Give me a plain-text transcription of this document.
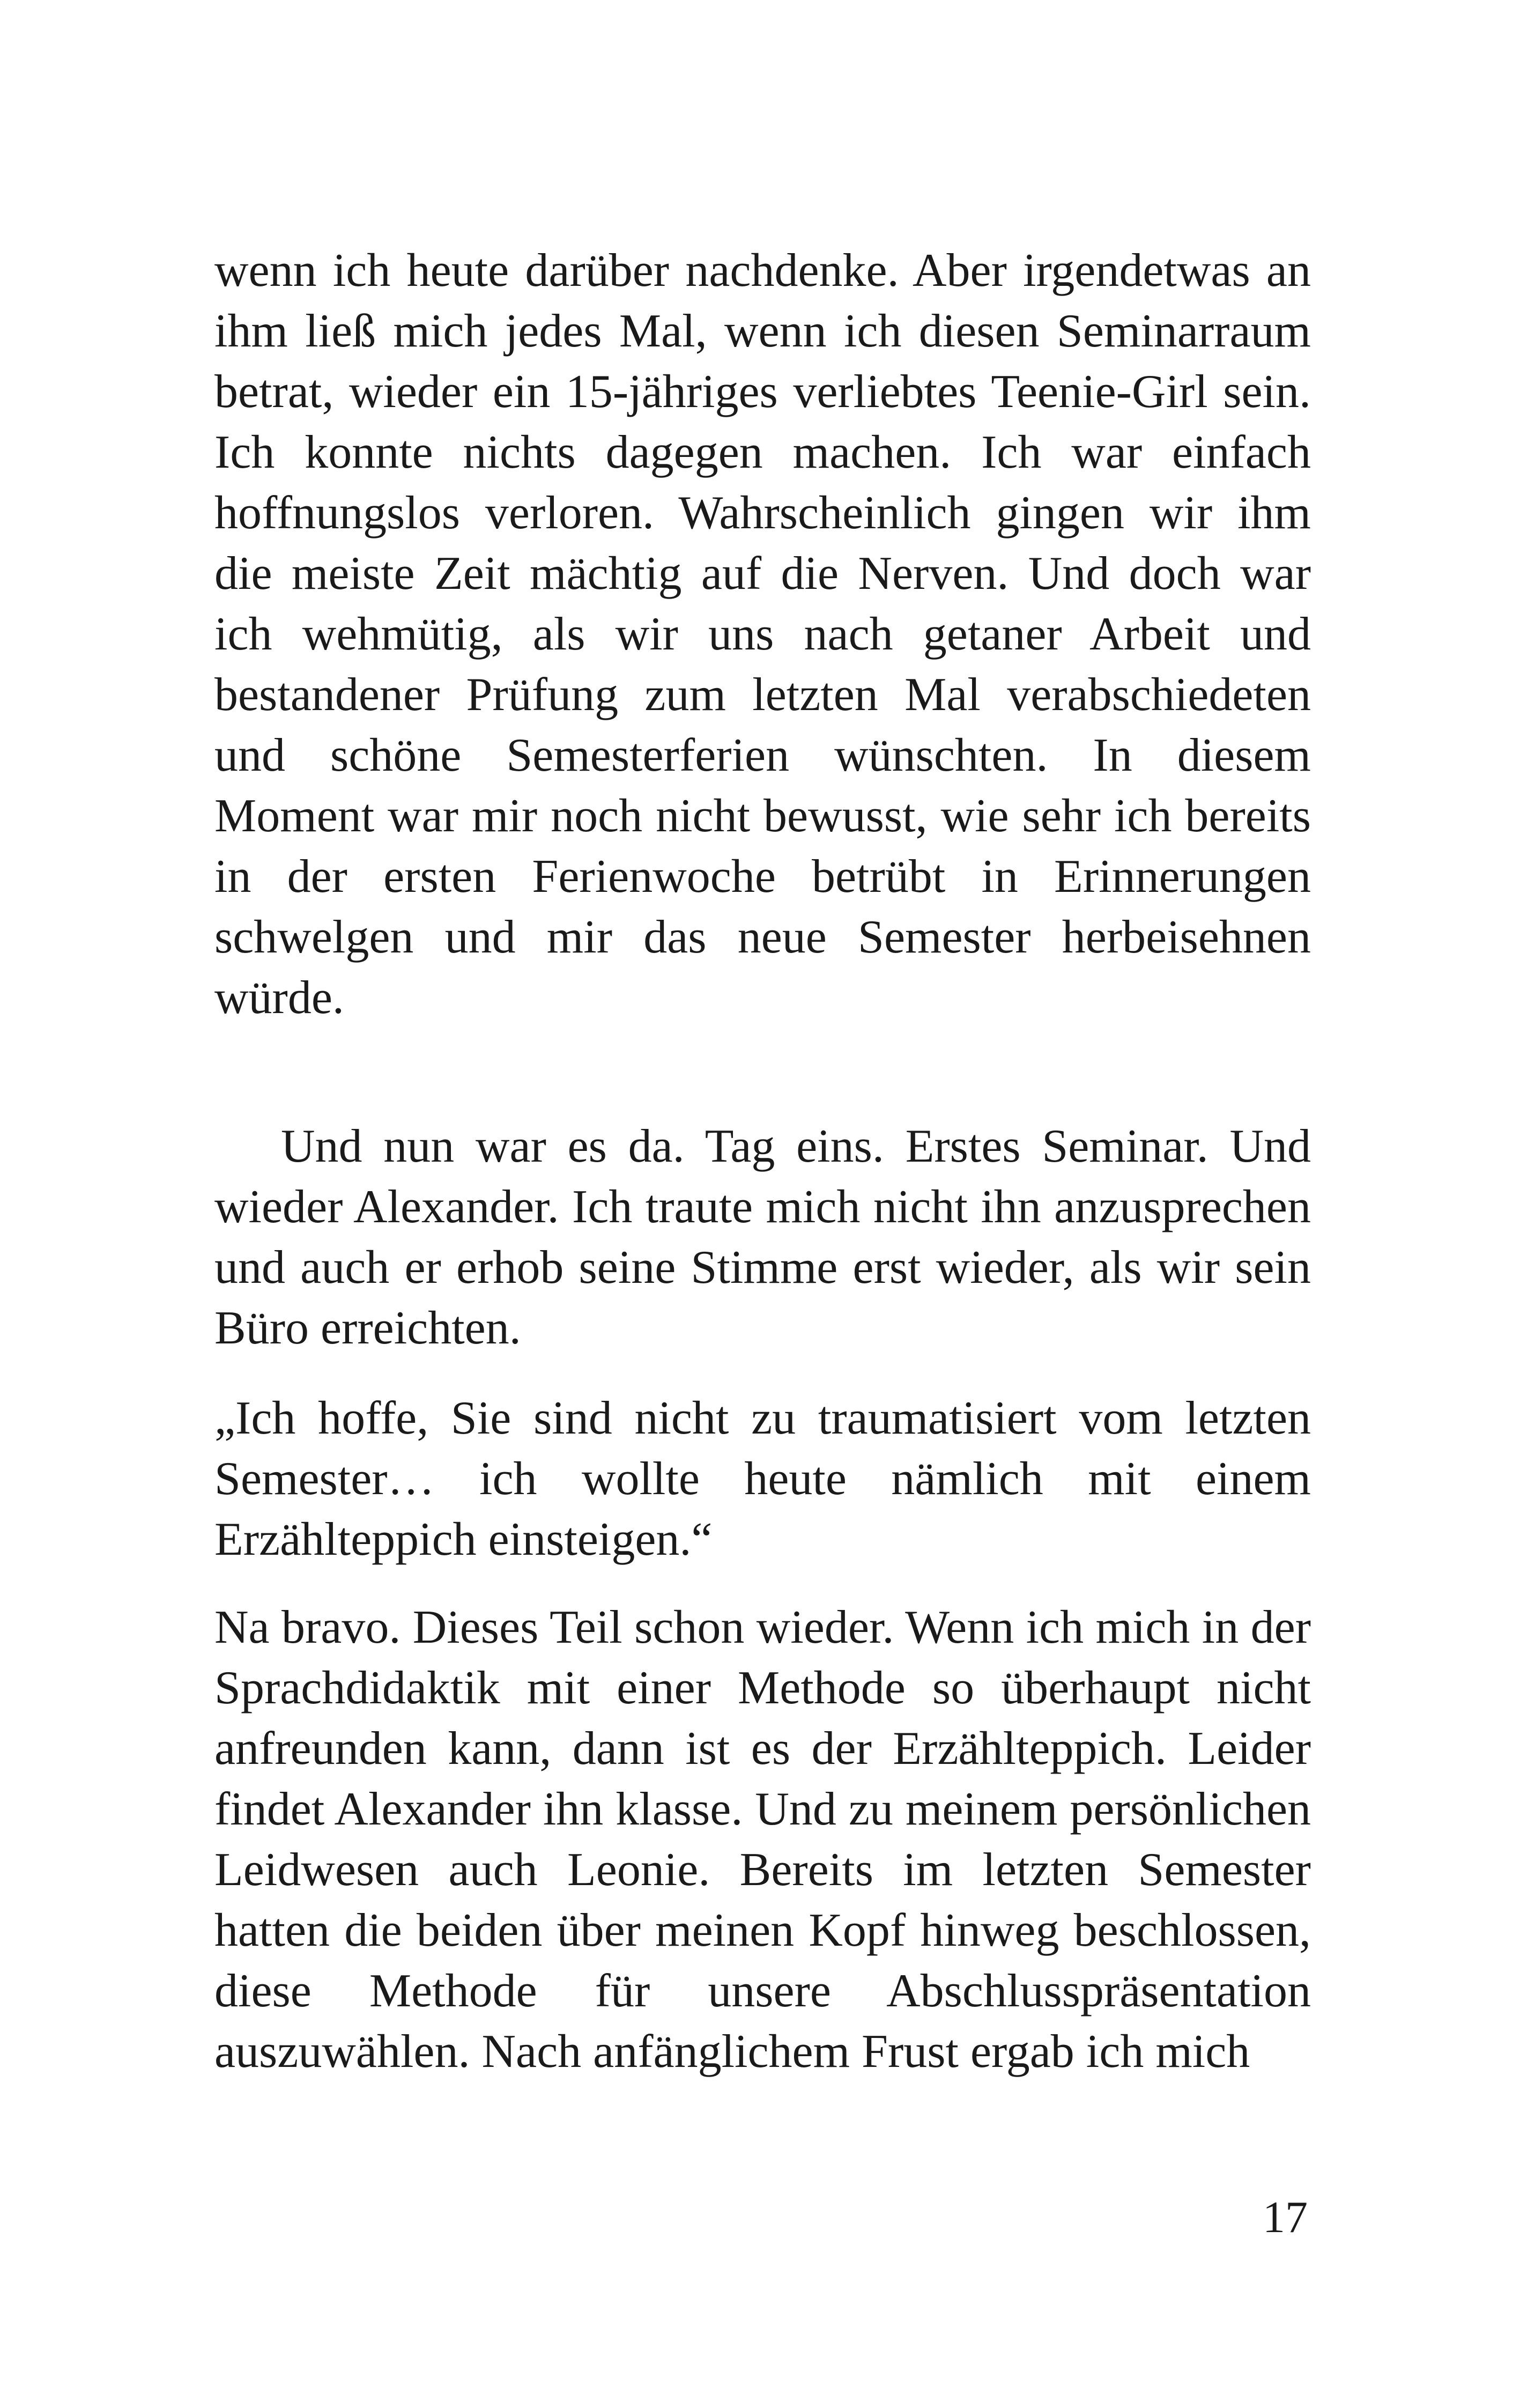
wenn ich heute darüber nachdenke. Aber irgendetwas an ihm ließ mich jedes Mal, wenn ich diesen Seminarraum betrat, wieder ein 15-jähriges verliebtes Teenie-Girl sein. Ich konnte nichts dagegen machen. Ich war einfach hoffnungslos verloren. Wahrscheinlich gingen wir ihm die meiste Zeit mächtig auf die Nerven. Und doch war ich wehmütig, als wir uns nach getaner Arbeit und bestandener Prüfung zum letzten Mal verabschiedeten und schöne Semesterferien wünschten. In diesem Moment war mir noch nicht bewusst, wie sehr ich bereits in der ersten Ferienwoche betrübt in Erinnerungen schwelgen und mir das neue Semester herbeisehnen würde.

Und nun war es da. Tag eins. Erstes Seminar. Und wieder Alexander. Ich traute mich nicht ihn anzusprechen und auch er erhob seine Stimme erst wieder, als wir sein Büro erreichten.

„Ich hoffe, Sie sind nicht zu traumatisiert vom letzten Semester… ich wollte heute nämlich mit einem Erzählteppich einsteigen.“

Na bravo. Dieses Teil schon wieder. Wenn ich mich in der Sprachdidaktik mit einer Methode so überhaupt nicht anfreunden kann, dann ist es der Erzählteppich. Leider findet Alexander ihn klasse. Und zu meinem persönlichen Leidwesen auch Leonie. Bereits im letzten Semester hatten die beiden über meinen Kopf hinweg beschlossen, diese Methode für unsere Abschlusspräsentation auszuwählen. Nach anfänglichem Frust ergab ich mich

17
